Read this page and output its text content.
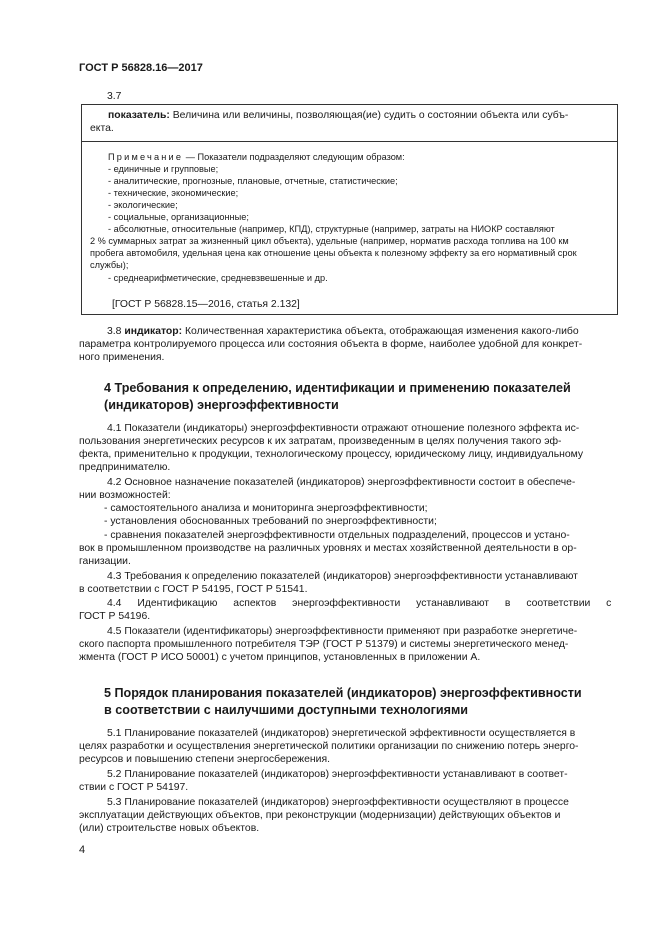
ГОСТ Р 56828.16—2017
3.7
показатель: Величина или величины, позволяющая(ие) судить о состоянии объекта или субъ-
екта.
Примечание — Показатели подразделяют следующим образом:
- единичные и групповые;
- аналитические, прогнозные, плановые, отчетные, статистические;
- технические, экономические;
- экологические;
- социальные, организационные;
- абсолютные, относительные (например, КПД), структурные (например, затраты на НИОКР составляют
2 % суммарных затрат за жизненный цикл объекта), удельные (например, норматив расхода топлива на 100 км
пробега автомобиля, удельная цена как отношение цены объекта к полезному эффекту за его нормативный срок
службы);
- среднеарифметические, средневзвешенные и др.
[ГОСТ Р 56828.15—2016, статья 2.132]
3.8 индикатор: Количественная характеристика объекта, отображающая изменения какого-либо
параметра контролируемого процесса или состояния объекта в форме, наиболее удобной для конкрет-
ного применения.
4 Требования к определению, идентификации и применению показателей
(индикаторов) энергоэффективности
4.1 Показатели (индикаторы) энергоэффективности отражают отношение полезного эффекта ис-
пользования энергетических ресурсов к их затратам, произведенным в целях получения такого эф-
фекта, применительно к продукции, технологическому процессу, юридическому лицу, индивидуальному
предпринимателю.
4.2 Основное назначение показателей (индикаторов) энергоэффективности состоит в обеспече-
нии возможностей:
- самостоятельного анализа и мониторинга энергоэффективности;
- установления обоснованных требований по энергоэффективности;
- сравнения показателей энергоэффективности отдельных подразделений, процессов и устано-
вок в промышленном производстве на различных уровнях и местах хозяйственной деятельности в ор-
ганизации.
4.3 Требования к определению показателей (индикаторов) энергоэффективности устанавливают
в соответствии с ГОСТ Р 54195, ГОСТ Р 51541.
4.4 Идентификацию аспектов энергоэффективности устанавливают в соответствии с
ГОСТ Р 54196.
4.5 Показатели (идентификаторы) энергоэффективности применяют при разработке энергетиче-
ского паспорта промышленного потребителя ТЭР (ГОСТ Р 51379) и системы энергетического менед-
жмента (ГОСТ Р ИСО 50001) с учетом принципов, установленных в приложении А.
5 Порядок планирования показателей (индикаторов) энергоэффективности
в соответствии с наилучшими доступными технологиями
5.1 Планирование показателей (индикаторов) энергетической эффективности осуществляется в
целях разработки и осуществления энергетической политики организации по снижению потерь энерго-
ресурсов и повышению степени энергосбережения.
5.2 Планирование показателей (индикаторов) энергоэффективности устанавливают в соответ-
ствии с ГОСТ Р 54197.
5.3 Планирование показателей (индикаторов) энергоэффективности осуществляют в процессе
эксплуатации действующих объектов, при реконструкции (модернизации) действующих объектов и
(или) строительстве новых объектов.
4
